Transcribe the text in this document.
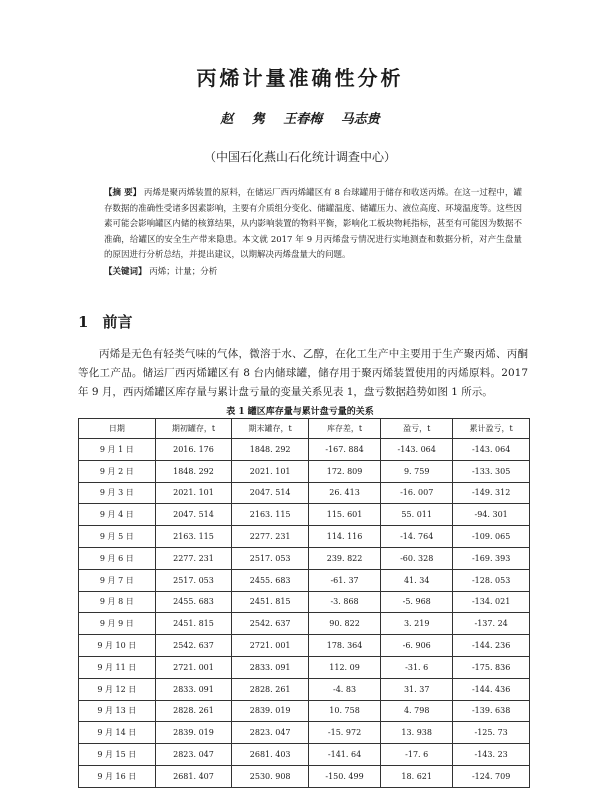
丙烯计量准确性分析
赵 隽 王春梅 马志贵
（中国石化燕山石化统计调查中心）
【摘 要】 丙烯是聚丙烯装置的原料，在储运厂西丙烯罐区有 8 台球罐用于储存和收送丙烯。在这一过程中，罐存数据的准确性受诸多因素影响，主要有介质组分变化、储罐温度、储罐压力、液位高度、环境温度等。这些因素可能会影响罐区内储的核算结果，从内影响装置的物料平衡，影响化工板块物耗指标，甚至有可能因为数据不准确，给罐区的安全生产带来隐患。本文就 2017 年 9 月丙烯盘亏情况进行实地测查和数据分析，对产生盘量的原因进行分析总结，并提出建议，以期解决丙烯盘量大的问题。
【关键词】 丙烯；计量；分析
1 前言
丙烯是无色有轻类气味的气体，微溶于水、乙醇，在化工生产中主要用于生产聚丙烯、丙酮等化工产品。储运厂西丙烯罐区有 8 台内储球罐，储存用于聚丙烯装置使用的丙烯原料。2017 年 9 月，西丙烯罐区库存量与累计盘亏量的变量关系见表 1，盘亏数据趋势如图 1 所示。
表 1 罐区库存量与累计盘亏量的关系
日期	期初罐存，t	期末罐存，t	库存差，t	盈亏，t	累计盈亏，t
9 月 1 日	2016. 176	1848. 292	-167. 884	-143. 064	-143. 064
9 月 2 日	1848. 292	2021. 101	172. 809	9. 759	-133. 305
9 月 3 日	2021. 101	2047. 514	26. 413	-16. 007	-149. 312
9 月 4 日	2047. 514	2163. 115	115. 601	55. 011	-94. 301
9 月 5 日	2163. 115	2277. 231	114. 116	-14. 764	-109. 065
9 月 6 日	2277. 231	2517. 053	239. 822	-60. 328	-169. 393
9 月 7 日	2517. 053	2455. 683	-61. 37	41. 34	-128. 053
9 月 8 日	2455. 683	2451. 815	-3. 868	-5. 968	-134. 021
9 月 9 日	2451. 815	2542. 637	90. 822	3. 219	-137. 24
9 月 10 日	2542. 637	2721. 001	178. 364	-6. 906	-144. 236
9 月 11 日	2721. 001	2833. 091	112. 09	-31. 6	-175. 836
9 月 12 日	2833. 091	2828. 261	-4. 83	31. 37	-144. 436
9 月 13 日	2828. 261	2839. 019	10. 758	4. 798	-139. 638
9 月 14 日	2839. 019	2823. 047	-15. 972	13. 938	-125. 73
9 月 15 日	2823. 047	2681. 403	-141. 64	-17. 6	-143. 23
9 月 16 日	2681. 407	2530. 908	-150. 499	18. 621	-124. 709
